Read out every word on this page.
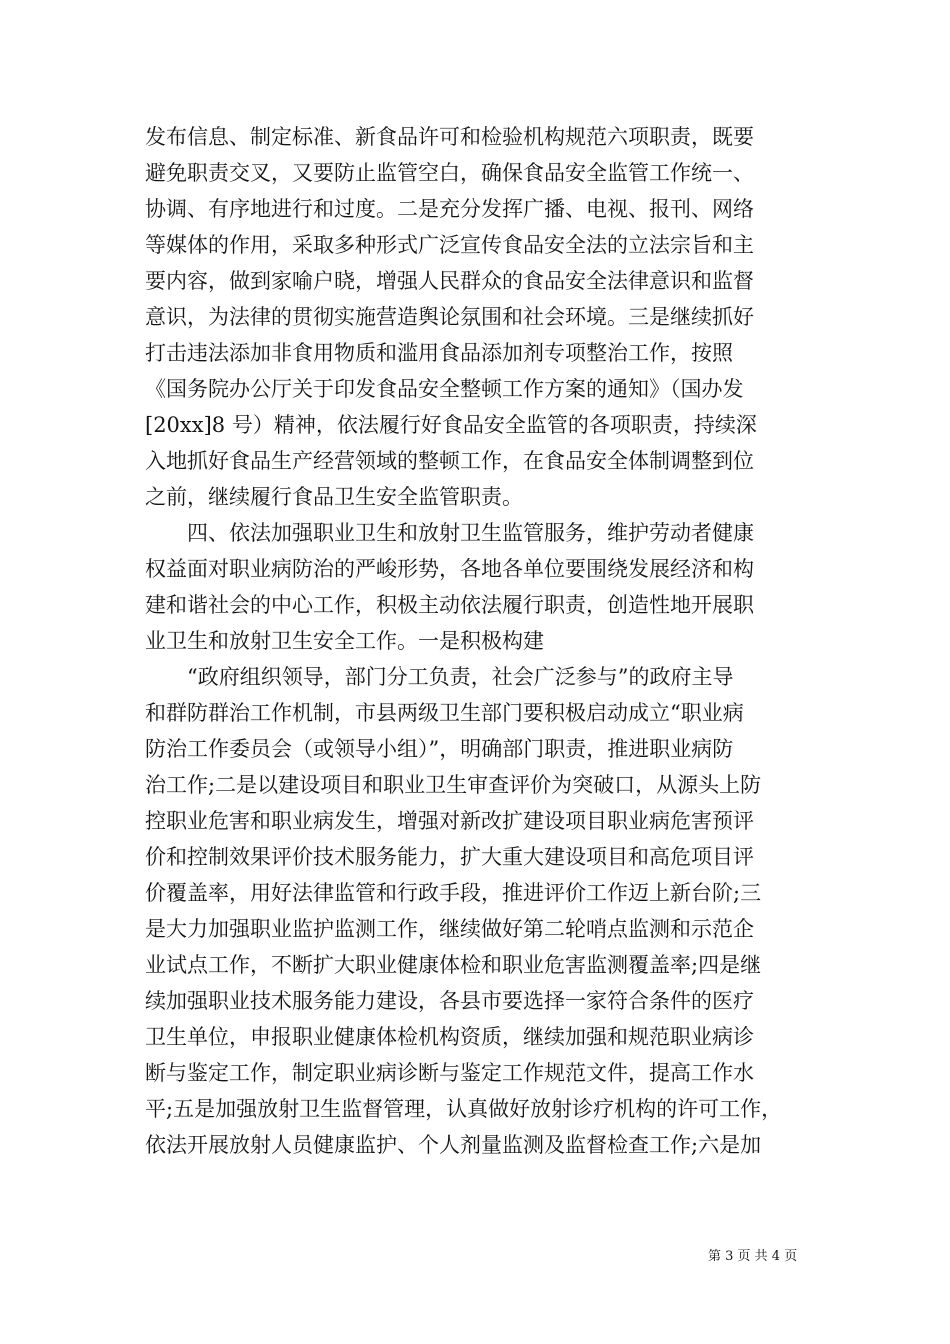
发布信息、制定标准、新食品许可和检验机构规范六项职责，既要
避免职责交叉，又要防止监管空白，确保食品安全监管工作统一、
协调、有序地进行和过度。二是充分发挥广播、电视、报刊、网络
等媒体的作用，采取多种形式广泛宣传食品安全法的立法宗旨和主
要内容，做到家喻户晓，增强人民群众的食品安全法律意识和监督
意识，为法律的贯彻实施营造舆论氛围和社会环境。三是继续抓好
打击违法添加非食用物质和滥用食品添加剂专项整治工作，按照
《国务院办公厅关于印发食品安全整顿工作方案的通知》（国办发
[20xx]8 号）精神，依法履行好食品安全监管的各项职责，持续深
入地抓好食品生产经营领域的整顿工作，在食品安全体制调整到位
之前，继续履行食品卫生安全监管职责。
　　四、依法加强职业卫生和放射卫生监管服务，维护劳动者健康
权益面对职业病防治的严峻形势，各地各单位要围绕发展经济和构
建和谐社会的中心工作，积极主动依法履行职责，创造性地开展职
业卫生和放射卫生安全工作。一是积极构建
　　“政府组织领导，部门分工负责，社会广泛参与”的政府主导
和群防群治工作机制，市县两级卫生部门要积极启动成立“职业病
防治工作委员会（或领导小组）”，明确部门职责，推进职业病防
治工作;二是以建设项目和职业卫生审查评价为突破口，从源头上防
控职业危害和职业病发生，增强对新改扩建设项目职业病危害预评
价和控制效果评价技术服务能力，扩大重大建设项目和高危项目评
价覆盖率，用好法律监管和行政手段，推进评价工作迈上新台阶;三
是大力加强职业监护监测工作，继续做好第二轮哨点监测和示范企
业试点工作，不断扩大职业健康体检和职业危害监测覆盖率;四是继
续加强职业技术服务能力建设，各县市要选择一家符合条件的医疗
卫生单位，申报职业健康体检机构资质，继续加强和规范职业病诊
断与鉴定工作，制定职业病诊断与鉴定工作规范文件，提高工作水
平;五是加强放射卫生监督管理，认真做好放射诊疗机构的许可工作，
依法开展放射人员健康监护、个人剂量监测及监督检查工作;六是加
第 3 页 共 4 页
